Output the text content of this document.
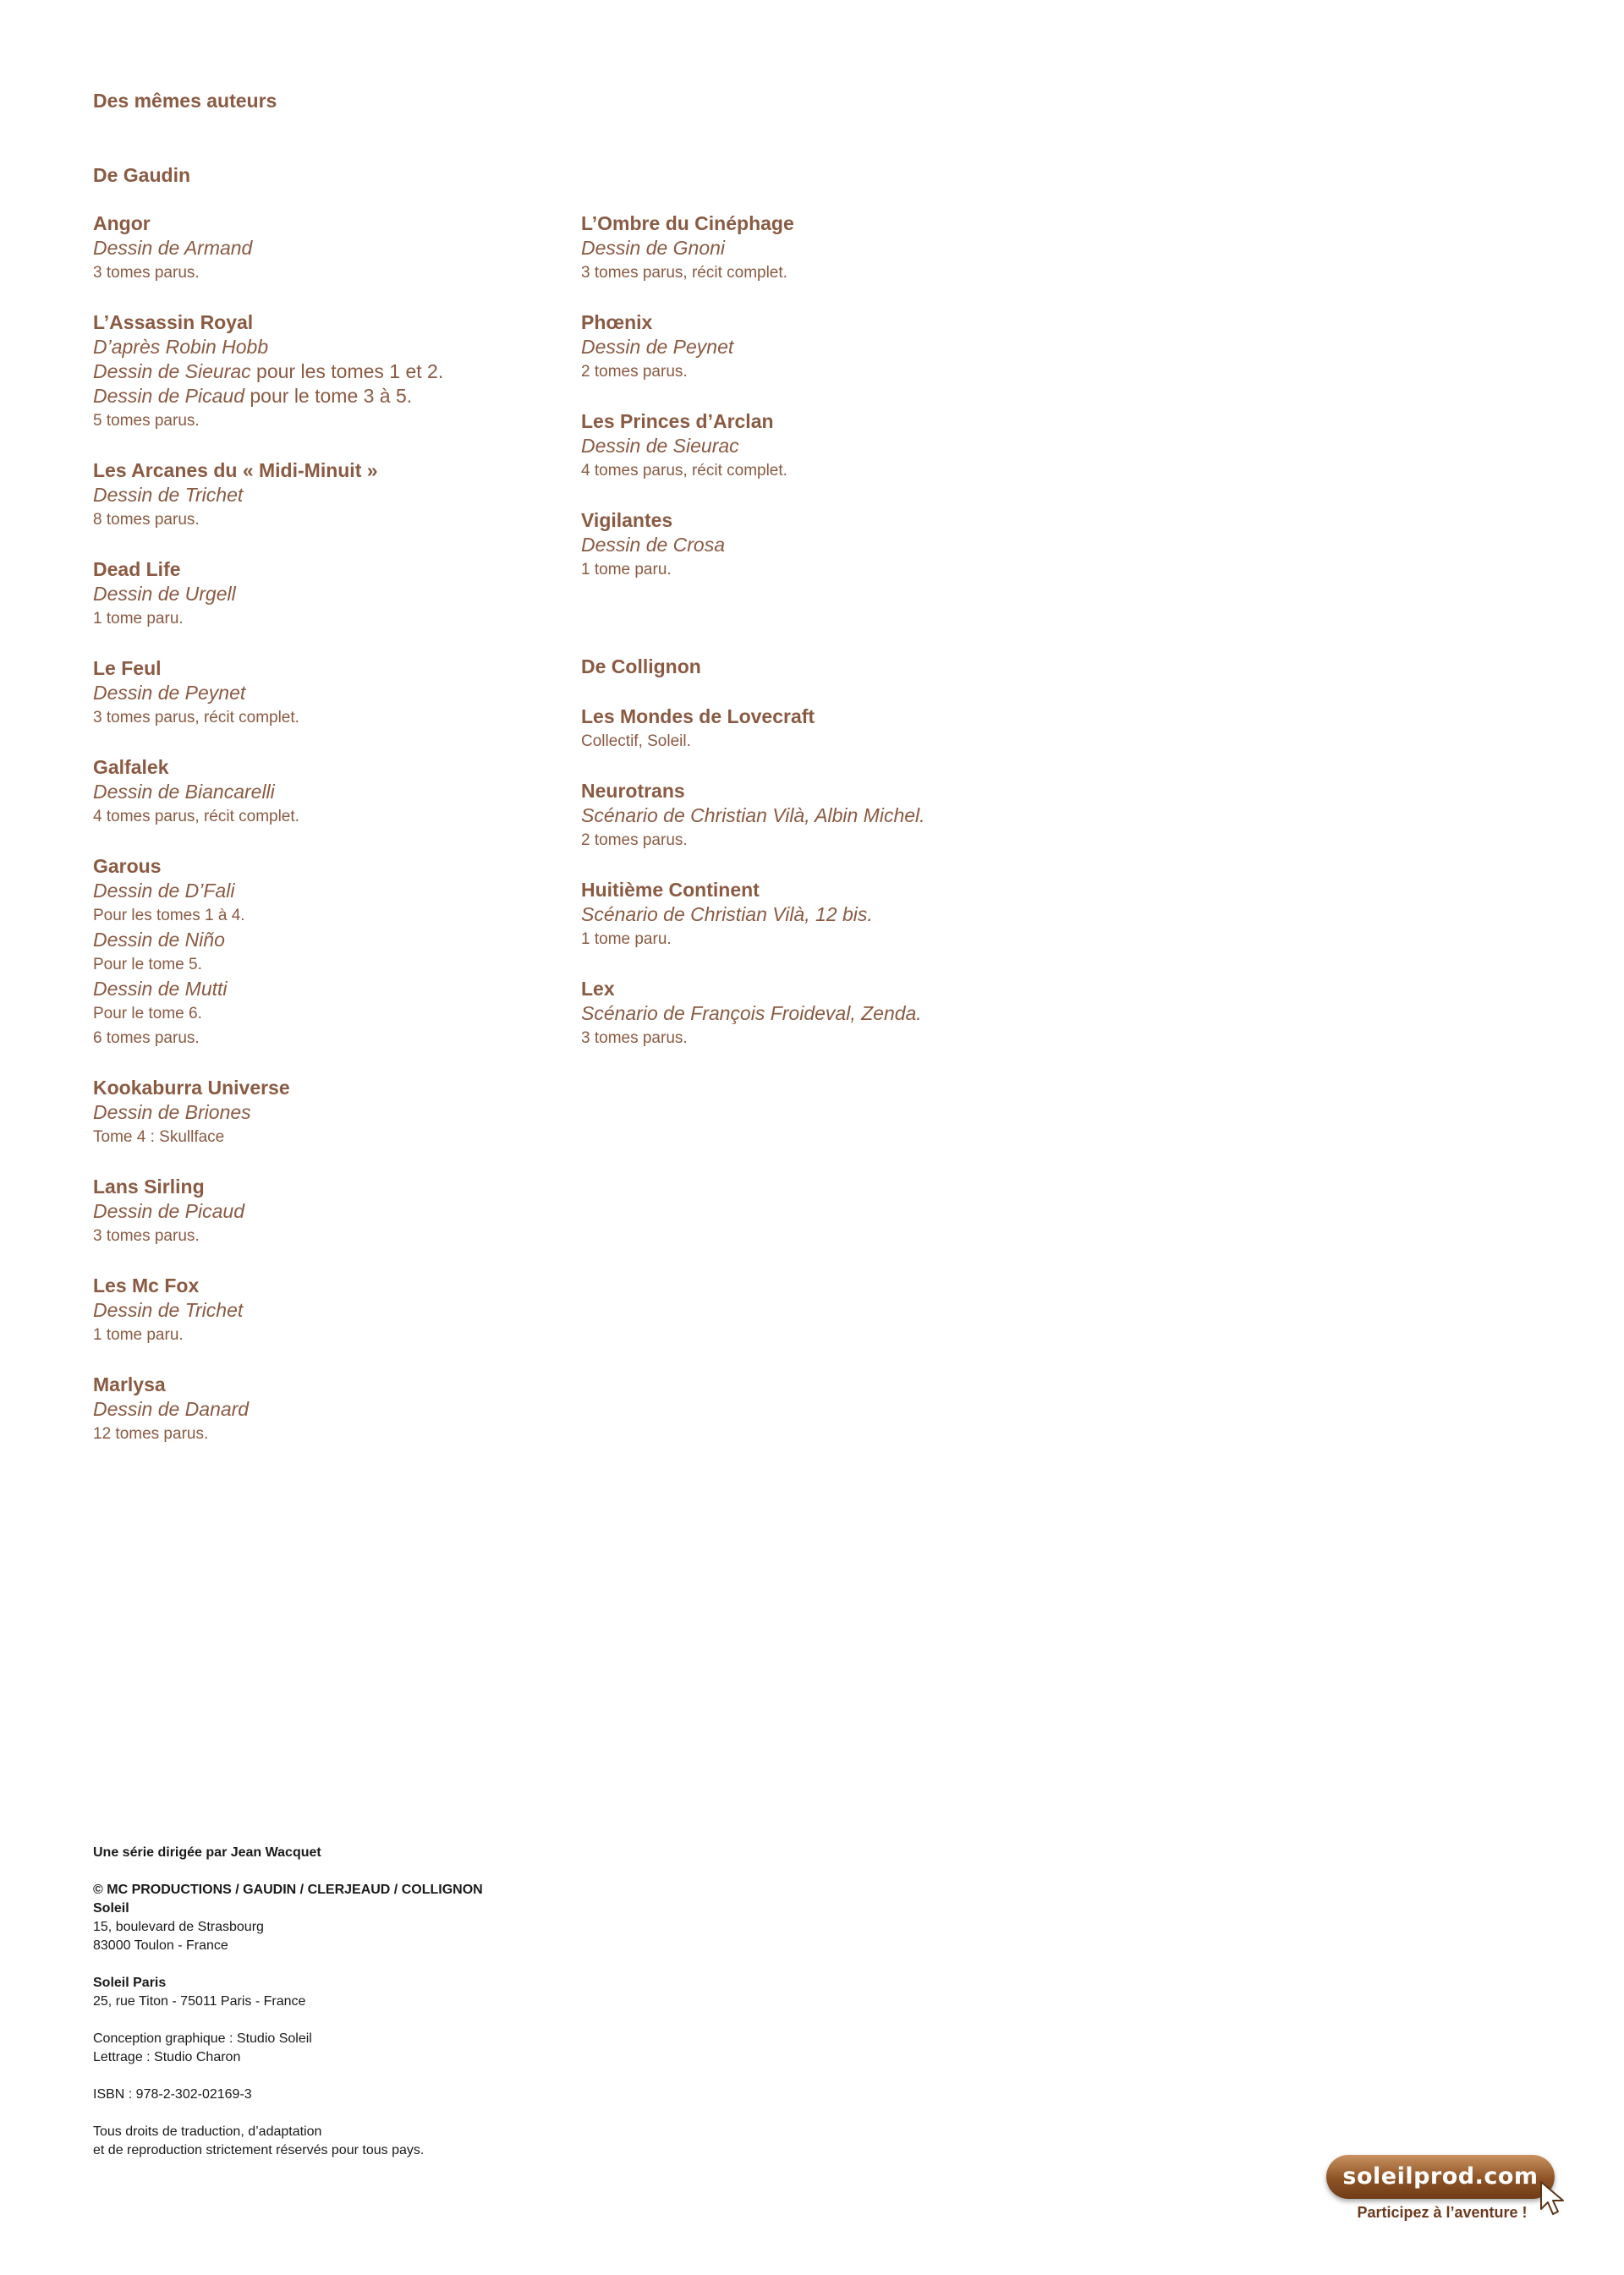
Des mêmes auteurs

De Gaudin

Angor

Dessin de Armand

3 tomes parus.

L’Assassin Royal

D’après Robin Hobb

Dessin de Sieurac pour les tomes 1 et 2.

Dessin de Picaud pour le tome 3 à 5.

5 tomes parus.

Les Arcanes du « Midi-Minuit »

Dessin de Trichet

8 tomes parus.

Dead Life

Dessin de Urgell

1 tome paru.

Le Feul

Dessin de Peynet

3 tomes parus, récit complet.

Galfalek

Dessin de Biancarelli

4 tomes parus, récit complet.

Garous

Dessin de D’Fali

Pour les tomes 1 à 4.

Dessin de Niño

Pour le tome 5.

Dessin de Mutti

Pour le tome 6.

6 tomes parus.

Kookaburra Universe

Dessin de Briones

Tome 4 : Skullface

Lans Sirling

Dessin de Picaud

3 tomes parus.

Les Mc Fox

Dessin de Trichet

1 tome paru.

Marlysa

Dessin de Danard

12 tomes parus.

L’Ombre du Cinéphage

Dessin de Gnoni

3 tomes parus, récit complet.

Phœnix

Dessin de Peynet

2 tomes parus.

Les Princes d’Arclan

Dessin de Sieurac

4 tomes parus, récit complet.

Vigilantes

Dessin de Crosa

1 tome paru.

De Collignon

Les Mondes de Lovecraft

Collectif, Soleil.

Neurotrans

Scénario de Christian Vilà, Albin Michel.

2 tomes parus.

Huitième Continent

Scénario de Christian Vilà, 12 bis.

1 tome paru.

Lex

Scénario de François Froideval, Zenda.

3 tomes parus.

Une série dirigée par Jean Wacquet

© MC PRODUCTIONS / GAUDIN / CLERJEAUD / COLLIGNON

Soleil

15, boulevard de Strasbourg

83000 Toulon - France

Soleil Paris

25, rue Titon - 75011 Paris - France

Conception graphique : Studio Soleil

Lettrage : Studio Charon

ISBN : 978-2-302-02169-3

Tous droits de traduction, d’adaptation

et de reproduction strictement réservés pour tous pays.

soleilprod.com
Participez à l’aventure !
